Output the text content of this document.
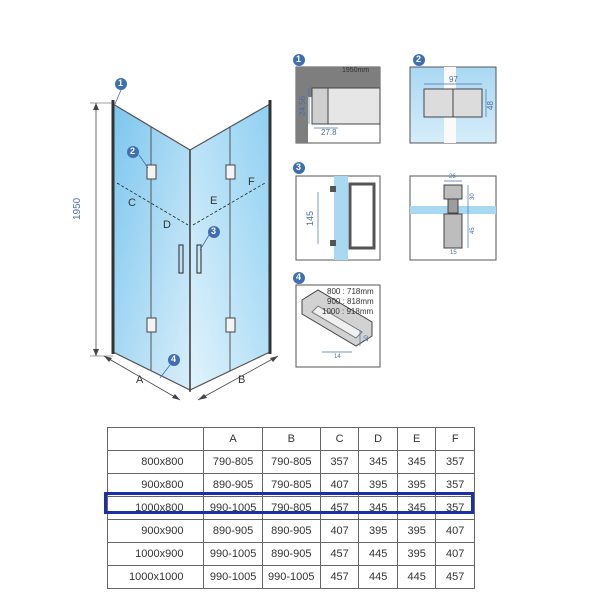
1950	C
D
E
F
A	B
1
2
3
4
1
1950mm
24.56
27.8
2
97
48
3
145
26
30
45
15
4
800 : 718mm
900 : 818mm
1000 : 918mm
10
14
	A	B	C	D	E	F
800x800	790-805	790-805	357	345	345	357
900x800	890-905	790-805	407	395	395	357
1000x800	990-1005	790-805	457	345	345	357
900x900	890-905	890-905	407	395	395	407
1000x900	990-1005	890-905	457	445	395	407
1000x1000	990-1005	990-1005	457	445	445	457
